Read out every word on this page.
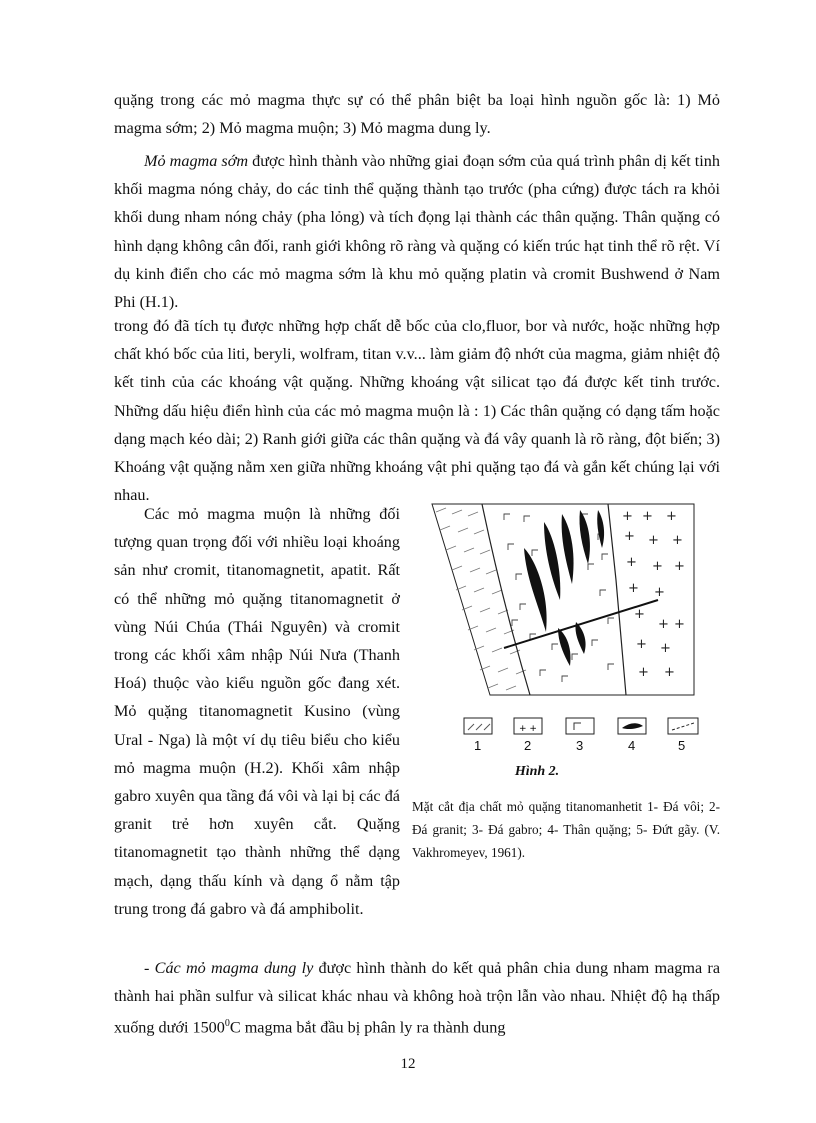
quặng trong các mỏ magma thực sự có thể phân biệt ba loại hình nguồn gốc là: 1) Mỏ magma sớm; 2) Mỏ magma muộn; 3) Mỏ magma dung ly.

Mỏ magma sớm được hình thành vào những giai đoạn sớm của quá trình phân dị kết tinh khối magma nóng chảy, do các tinh thể quặng thành tạo trước (pha cứng) được tách ra khỏi khối dung nham nóng chảy (pha lỏng) và tích đọng lại thành các thân quặng. Thân quặng có hình dạng không cân đối, ranh giới không rõ ràng và quặng có kiến trúc hạt tinh thể rõ rệt. Ví dụ kinh điển cho các mỏ magma sớm là khu mỏ quặng platin và cromit Bushwend ở Nam Phi (H.1).

trong đó đã tích tụ được những hợp chất dễ bốc của clo,fluor, bor và nước, hoặc những hợp chất khó bốc của liti, beryli, wolfram, titan v.v... làm giảm độ nhớt của magma, giảm nhiệt độ kết tinh của các khoáng vật quặng. Những khoáng vật silicat tạo đá được kết tinh trước. Những dấu hiệu điển hình của các mỏ magma muộn là : 1) Các thân quặng có dạng tấm hoặc dạng mạch kéo dài; 2) Ranh giới giữa các thân quặng và đá vây quanh là rõ ràng, đột biến; 3) Khoáng vật quặng nằm xen giữa những khoáng vật phi quặng tạo đá và gắn kết chúng lại với nhau.

Các mỏ magma muộn là những đối tượng quan trọng đối với nhiều loại khoáng sản như cromit, titanomagnetit, apatit. Rất có thể những mỏ quặng titanomagnetit ở vùng Núi Chúa (Thái Nguyên) và cromit trong các khối xâm nhập Núi Nưa (Thanh Hoá) thuộc vào kiểu nguồn gốc đang xét. Mỏ quặng titanomagnetit Kusino (vùng Ural - Nga) là một ví dụ tiêu biểu cho kiểu mỏ magma muộn (H.2). Khối xâm nhập gabro xuyên qua tầng đá vôi và lại bị các đá granit trẻ hơn xuyên cắt. Quặng titanomagnetit tạo thành những thể dạng mạch, dạng thấu kính và dạng ổ nằm tập trung trong đá gabro và đá amphibolit.

+ + +
+ + +
+ + +
+ +
+
+ +
+ +
+ +
+ +
1	2	3	4	5
Hình 2.

Mặt cắt địa chất mỏ quặng titanomanhetit 1- Đá vôi; 2- Đá granit; 3- Đá gabro; 4- Thân quặng; 5- Đứt gãy. (V. Vakhromeyev, 1961).

- Các mỏ magma dung ly được hình thành do kết quả phân chia dung nham magma ra thành hai phần sulfur và silicat khác nhau và không hoà trộn lẫn vào nhau. Nhiệt độ hạ thấp xuống dưới 1500$^0$C magma bắt đầu bị phân ly ra thành dung

12
